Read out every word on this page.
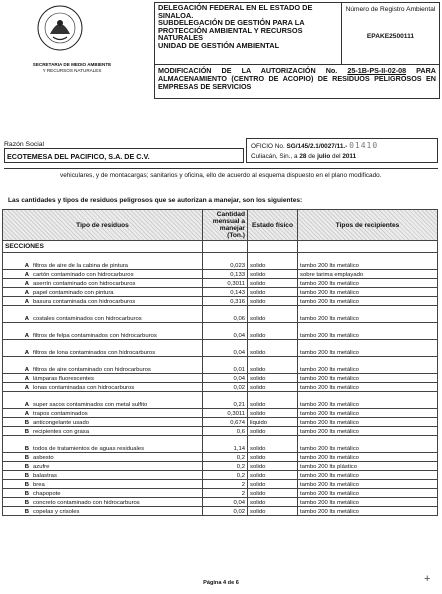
SECRETARIA DE MEDIO AMBIENTE
Y RECURSOS NATURALES
DELEGACIÓN FEDERAL EN EL ESTADO DE SINALOA.
SUBDELEGACIÓN DE GESTIÓN PARA LA PROTECCIÓN AMBIENTAL Y RECURSOS NATURALES
UNIDAD DE GESTIÓN AMBIENTAL
Número de Registro Ambiental
EPAKE2500111
MODIFICACIÓN DE LA AUTORIZACIÓN No. 25-1B-PS-II-02-08 PARA ALMACENAMIENTO (CENTRO DE ACOPIO) DE RESIDUOS PELIGROSOS EN EMPRESAS DE SERVICIOS
Razón Social
ECOTEMESA DEL PACIFICO, S.A. DE C.V.
OFICIO No. SG/145/2.1/0027/11.- 01410
Culiacán, Sin., a 28 de julio del 2011
vehiculares, y de montacargas; sanitarios y oficina, ello de acuerdo al esquema dispuesto en el plano modificado.
Las cantidades y tipos de residuos peligrosos que se autorizan a manejar, son los siguientes:
Tipo de residuos		Cantidad mensual a manejar (Ton.)	Estado físico	Tipos de recipientes
SECCIONES				
A	filtros de aire de la cabina de pintura	0,023	solido	tambo 200 lts metálico
A	cartón contaminado con hidrocarburos	0,133	solido	sobre tarima emplayado
A	aserrín contaminado con hidrocarburos	0,3011	solido	tambo 200 lts metálico
A	papel contaminado con pintura	0,143	solido	tambo 200 lts metálico
A	basura contaminada con hidrocarburos	0,316	solido	tambo 200 lts metálico
A	costales contaminados con hidrocarburos	0,06	solido	tambo 200 lts metálico
A	filtros de felpa contaminados con hidrocarburos	0,04	solido	tambo 200 lts metálico
A	filtros de lona contaminados con hidrocarburos	0,04	solido	tambo 200 lts metálico
A	filtros de aire contaminado con hidrocarburos	0,01	solido	tambo 200 lts metálico
A	lámparas fluorescentes	0,04	solido	tambo 200 lts metálico
A	lonas contaminadas con hidrocarburos	0,02	solido	tambo 200 lts metálico
A	super sacos contaminados con metal sulfito	0,21	solido	tambo 200 lts metálico
A	trapos contaminados	0,3011	solido	tambo 200 lts metálico
B	anticongelante usado	0,674	liquido	tambo 200 lts metálico
B	recipientes con grasa	0,6	solido	tambo 200 lts metálico
B	todos de tratamientos de aguas residuales	1,14	solido	tambo 200 lts metálico
B	asbesto	0,2	solido	tambo 200 lts metálico
B	azufre	0,2	solido	tambo 200 lts plástico
B	balastras	0,2	solido	tambo 200 lts metálico
B	brea	2	solido	tambo 200 lts metálico
B	chapopote	2	solido	tambo 200 lts metálico
B	concreto contaminado con hidrocarburos	0,04	solido	tambo 200 lts metálico
B	copelas y crisoles	0,02	solido	tambo 200 lts metálico
Página 4 de 6	+
